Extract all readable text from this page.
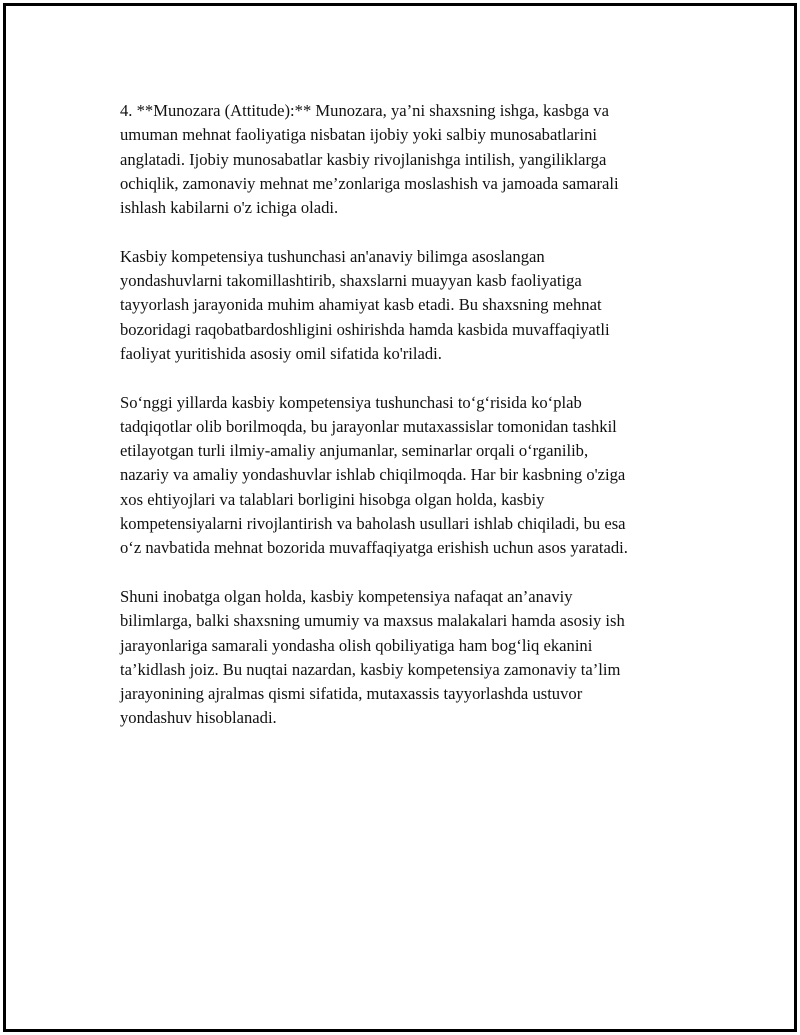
4. **Munozara (Attitude):** Munozara, ya’ni shaxsning ishga, kasbga va
umuman mehnat faoliyatiga nisbatan ijobiy yoki salbiy munosabatlarini
anglatadi. Ijobiy munosabatlar kasbiy rivojlanishga intilish, yangiliklarga
ochiqlik, zamonaviy mehnat me’zonlariga moslashish va jamoada samarali
ishlash kabilarni o'z ichiga oladi.

Kasbiy kompetensiya tushunchasi an'anaviy bilimga asoslangan
yondashuvlarni takomillashtirib, shaxslarni muayyan kasb faoliyatiga
tayyorlash jarayonida muhim ahamiyat kasb etadi. Bu shaxsning mehnat
bozoridagi raqobatbardoshligini oshirishda hamda kasbida muvaffaqiyatli
faoliyat yuritishida asosiy omil sifatida ko'riladi.

So‘nggi yillarda kasbiy kompetensiya tushunchasi to‘g‘risida ko‘plab
tadqiqotlar olib borilmoqda, bu jarayonlar mutaxassislar tomonidan tashkil
etilayotgan turli ilmiy-amaliy anjumanlar, seminarlar orqali o‘rganilib,
nazariy va amaliy yondashuvlar ishlab chiqilmoqda. Har bir kasbning o'ziga
xos ehtiyojlari va talablari borligini hisobga olgan holda, kasbiy
kompetensiyalarni rivojlantirish va baholash usullari ishlab chiqiladi, bu esa
o‘z navbatida mehnat bozorida muvaffaqiyatga erishish uchun asos yaratadi.

Shuni inobatga olgan holda, kasbiy kompetensiya nafaqat an’anaviy
bilimlarga, balki shaxsning umumiy va maxsus malakalari hamda asosiy ish
jarayonlariga samarali yondasha olish qobiliyatiga ham bog‘liq ekanini
ta’kidlash joiz. Bu nuqtai nazardan, kasbiy kompetensiya zamonaviy ta’lim
jarayonining ajralmas qismi sifatida, mutaxassis tayyorlashda ustuvor
yondashuv hisoblanadi.
